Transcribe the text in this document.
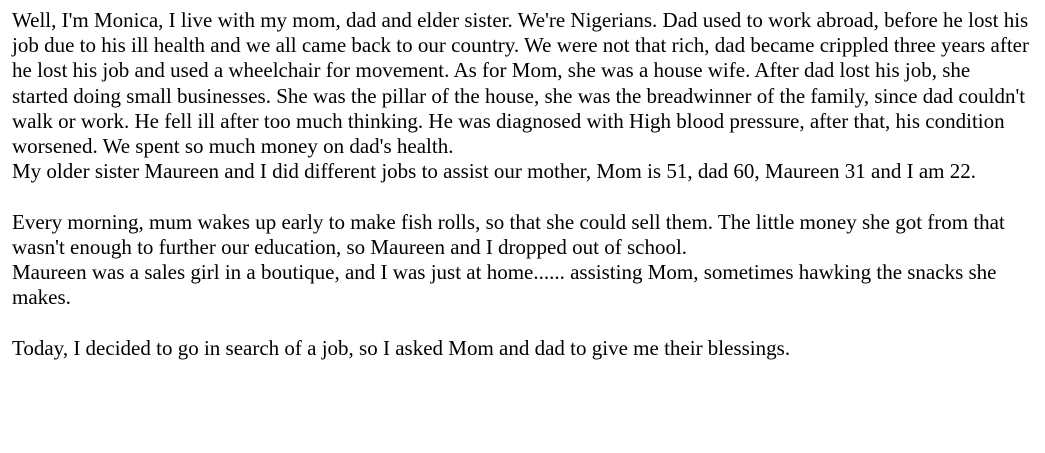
Well, I'm Monica, I live with my mom, dad and elder sister. We're Nigerians. Dad used to work abroad, before he lost his job due to his ill health and we all came back to our country. We were not that rich, dad became crippled three years after he lost his job and used a wheelchair for movement. As for Mom, she was a house wife. After dad lost his job, she started doing small businesses. She was the pillar of the house, she was the breadwinner of the family, since dad couldn't walk or work. He fell ill after too much thinking. He was diagnosed with High blood pressure, after that, his condition worsened. We spent so much money on dad's health.

My older sister Maureen and I did different jobs to assist our mother, Mom is 51, dad 60, Maureen 31 and I am 22.

Every morning, mum wakes up early to make fish rolls, so that she could sell them. The little money she got from that wasn't enough to further our education, so Maureen and I dropped out of school.

Maureen was a sales girl in a boutique, and I was just at home...... assisting Mom, sometimes hawking the snacks she makes.

Today, I decided to go in search of a job, so I asked Mom and dad to give me their blessings.
